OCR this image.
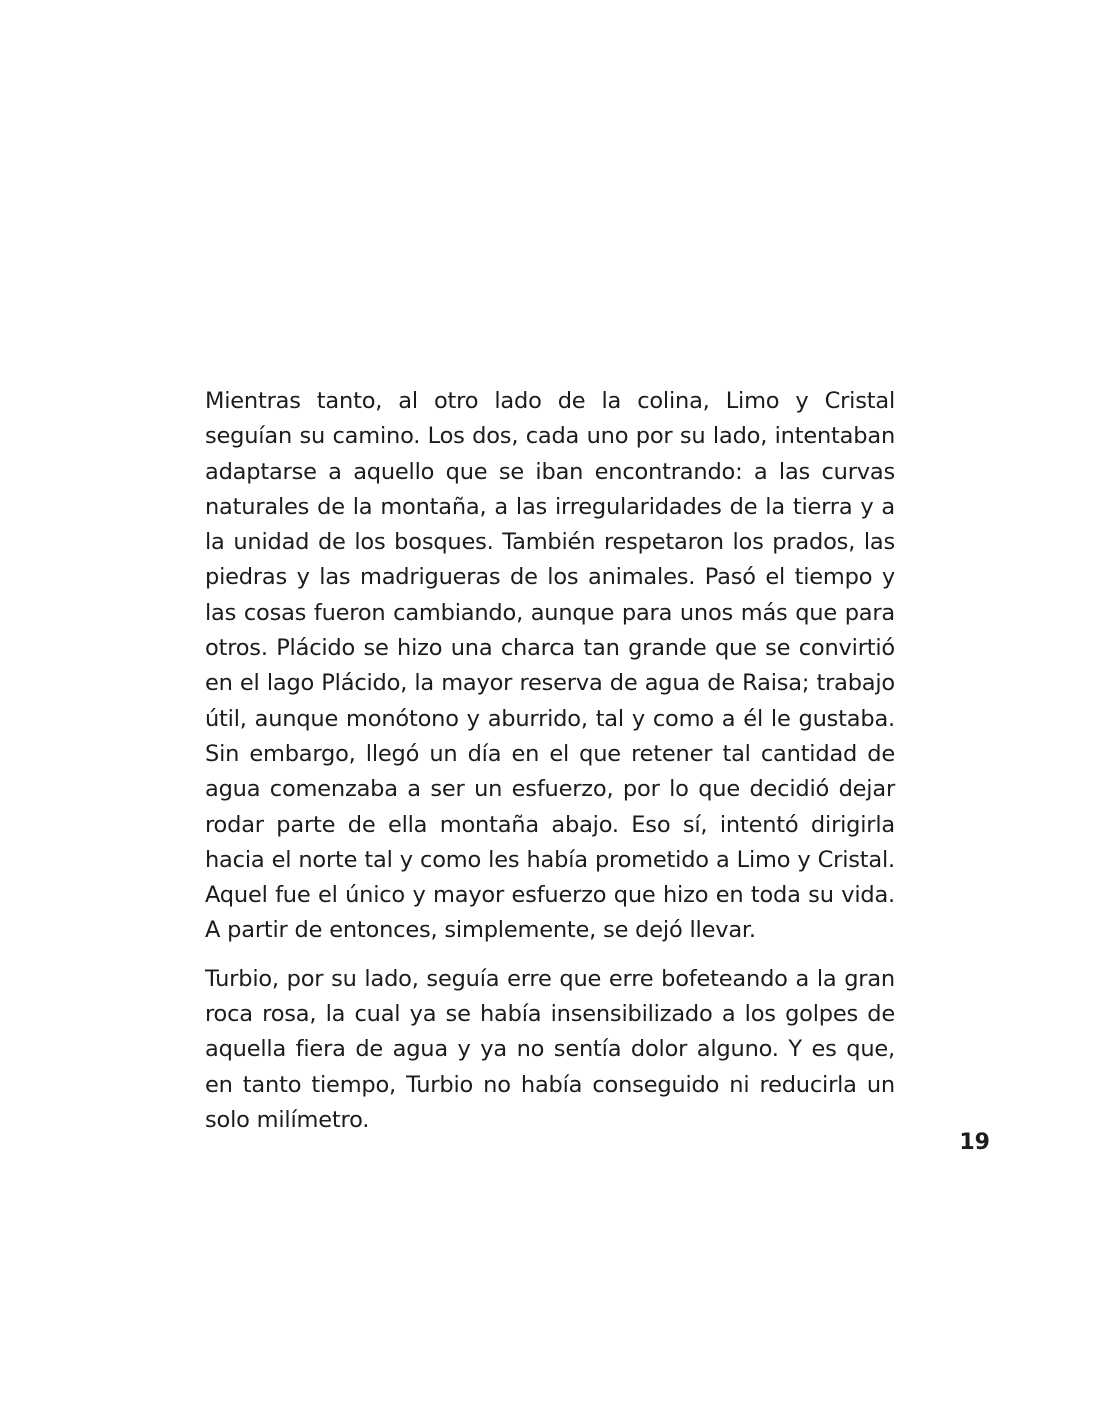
Mientras tanto, al otro lado de la colina, Limo y Cristal seguían su camino. Los dos, cada uno por su lado, intentaban adaptarse a aquello que se iban encontrando: a las curvas naturales de la montaña, a las irregularidades de la tierra y a la unidad de los bosques. También respetaron los prados, las piedras y las madrigueras de los animales. Pasó el tiempo y las cosas fueron cambiando, aunque para unos más que para otros. Plácido se hizo una charca tan grande que se convirtió en el lago Plácido, la mayor reserva de agua de Raisa; trabajo útil, aunque monótono y aburrido, tal y como a él le gustaba. Sin embargo, llegó un día en el que retener tal cantidad de agua comenzaba a ser un esfuerzo, por lo que decidió dejar rodar parte de ella montaña abajo. Eso sí, intentó dirigirla hacia el norte tal y como les había prometido a Limo y Cristal. Aquel fue el único y mayor esfuerzo que hizo en toda su vida. A partir de entonces, simplemente, se dejó llevar.

Turbio, por su lado, seguía erre que erre bofeteando a la gran roca rosa, la cual ya se había insensibilizado a los golpes de aquella fiera de agua y ya no sentía dolor alguno. Y es que, en tanto tiempo, Turbio no había conseguido ni reducirla un solo milímetro.

19
